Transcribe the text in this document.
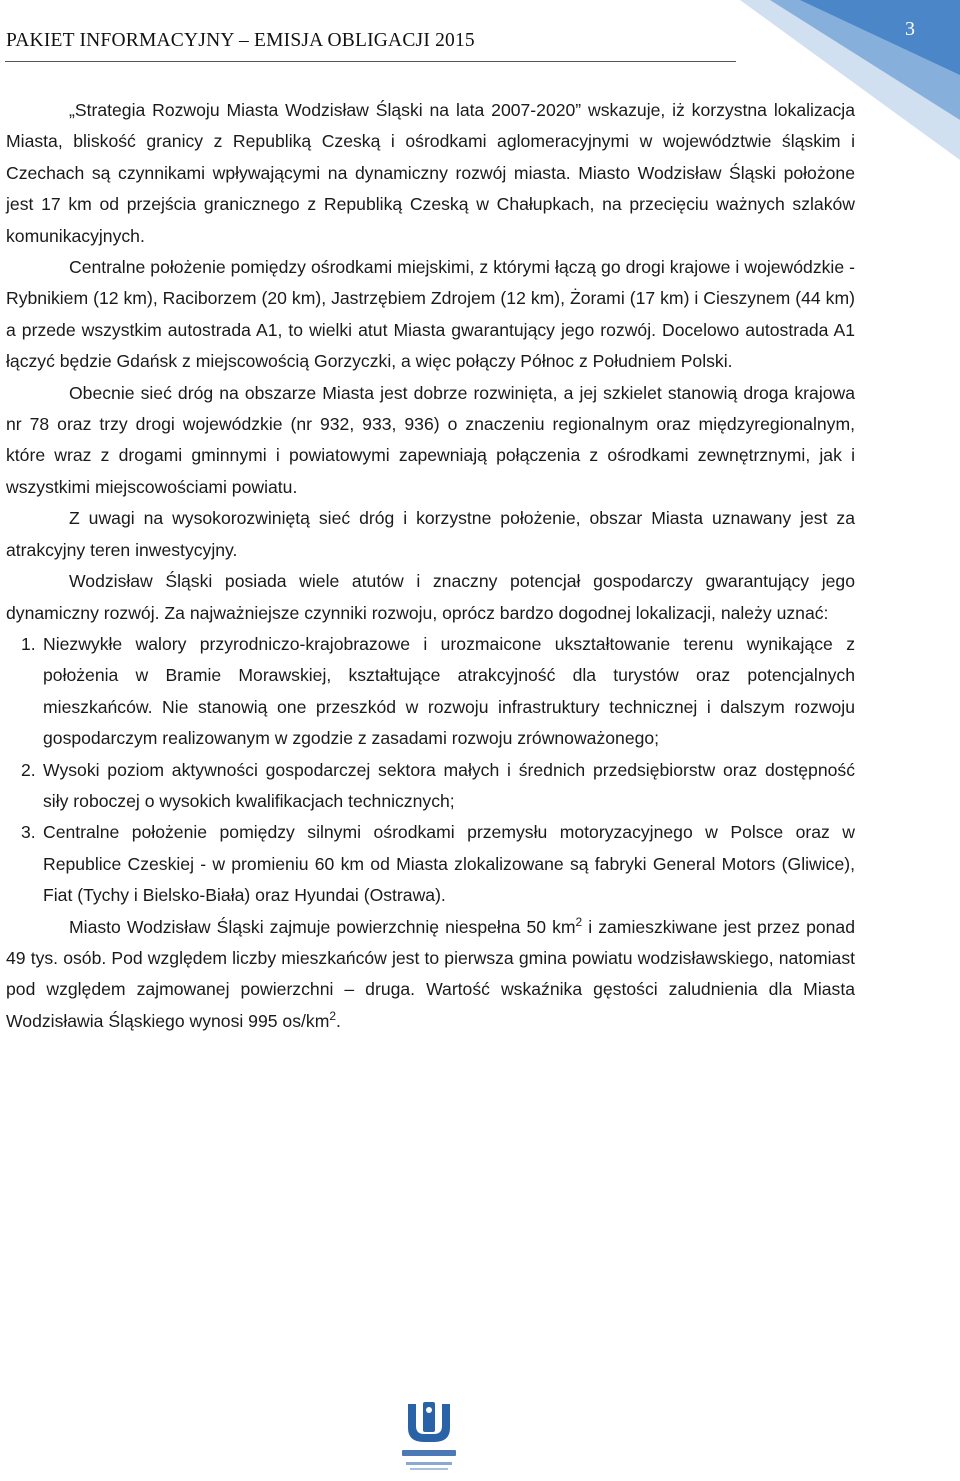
PAKIET INFORMACYJNY – EMISJA OBLIGACJI 2015
3

„Strategia Rozwoju Miasta Wodzisław Śląski na lata 2007-2020” wskazuje, iż korzystna lokalizacja Miasta, bliskość granicy z Republiką Czeską i ośrodkami aglomeracyjnymi w województwie śląskim i Czechach są czynnikami wpływającymi na dynamiczny rozwój miasta. Miasto Wodzisław Śląski położone jest 17 km od przejścia granicznego z Republiką Czeską w Chałupkach, na przecięciu ważnych szlaków komunikacyjnych.

Centralne położenie pomiędzy ośrodkami miejskimi, z którymi łączą go drogi krajowe i wojewódzkie - Rybnikiem (12 km), Raciborzem (20 km), Jastrzębiem Zdrojem (12 km), Żorami (17 km) i Cieszynem (44 km) a przede wszystkim autostrada A1, to wielki atut Miasta gwarantujący jego rozwój. Docelowo autostrada A1 łączyć będzie Gdańsk z miejscowością Gorzyczki, a więc połączy Północ z Południem Polski.

Obecnie sieć dróg na obszarze Miasta jest dobrze rozwinięta, a jej szkielet stanowią droga krajowa nr 78 oraz trzy drogi wojewódzkie (nr 932, 933, 936) o znaczeniu regionalnym oraz międzyregionalnym, które wraz z drogami gminnymi i powiatowymi zapewniają połączenia z ośrodkami zewnętrznymi, jak i wszystkimi miejscowościami powiatu.

Z uwagi na wysokorozwiniętą sieć dróg i korzystne położenie, obszar Miasta uznawany jest za atrakcyjny teren inwestycyjny.

Wodzisław Śląski posiada wiele atutów i znaczny potencjał gospodarczy gwarantujący jego dynamiczny rozwój. Za najważniejsze czynniki rozwoju, oprócz bardzo dogodnej lokalizacji, należy uznać:

1. Niezwykłe walory przyrodniczo-krajobrazowe i urozmaicone ukształtowanie terenu wynikające z położenia w Bramie Morawskiej, kształtujące atrakcyjność dla turystów oraz potencjalnych mieszkańców. Nie stanowią one przeszkód w rozwoju infrastruktury technicznej i dalszym rozwoju gospodarczym realizowanym w zgodzie z zasadami rozwoju zrównoważonego;
2. Wysoki poziom aktywności gospodarczej sektora małych i średnich przedsiębiorstw oraz dostępność siły roboczej o wysokich kwalifikacjach technicznych;
3. Centralne położenie pomiędzy silnymi ośrodkami przemysłu motoryzacyjnego w Polsce oraz w Republice Czeskiej - w promieniu 60 km od Miasta zlokalizowane są fabryki General Motors (Gliwice), Fiat (Tychy i Bielsko-Biała) oraz Hyundai (Ostrawa).

Miasto Wodzisław Śląski zajmuje powierzchnię niespełna 50 $km^2$ i zamieszkiwane jest przez ponad 49 tys. osób. Pod względem liczby mieszkańców jest to pierwsza gmina powiatu wodzisławskiego, natomiast pod względem zajmowanej powierzchni – druga. Wartość wskaźnika gęstości zaludnienia dla Miasta Wodzisławia Śląskiego wynosi 995 $os/km^2$.
